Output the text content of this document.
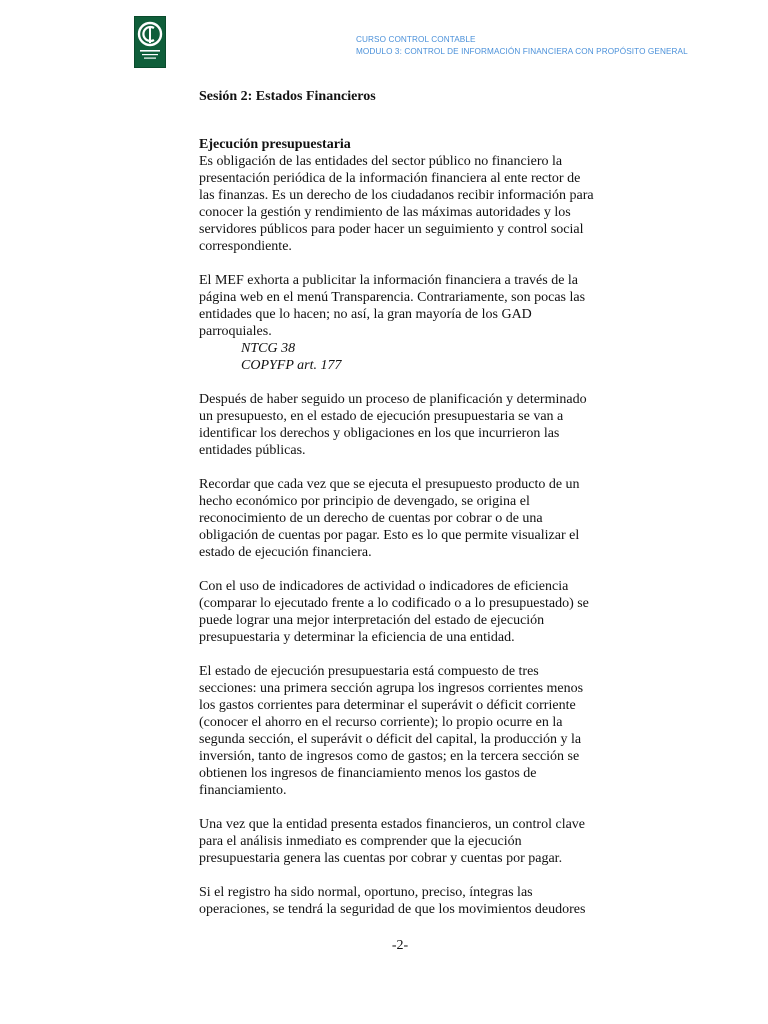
CURSO CONTROL CONTABLE
MODULO 3: CONTROL DE INFORMACIÓN FINANCIERA CON PROPÓSITO GENERAL

Sesión 2: Estados Financieros

Ejecución presupuestaria

Es obligación de las entidades del sector público no financiero la
presentación periódica de la información financiera al ente rector de
las finanzas. Es un derecho de los ciudadanos recibir información para
conocer la gestión y rendimiento de las máximas autoridades y los
servidores públicos para poder hacer un seguimiento y control social
correspondiente.

El MEF exhorta a publicitar la información financiera a través de la
página web en el menú Transparencia. Contrariamente, son pocas las
entidades que lo hacen; no así, la gran mayoría de los GAD
parroquiales.

NTCG 38

COPYFP art. 177

Después de haber seguido un proceso de planificación y determinado
un presupuesto, en el estado de ejecución presupuestaria se van a
identificar los derechos y obligaciones en los que incurrieron las
entidades públicas.

Recordar que cada vez que se ejecuta el presupuesto producto de un
hecho económico por principio de devengado, se origina el
reconocimiento de un derecho de cuentas por cobrar o de una
obligación de cuentas por pagar. Esto es lo que permite visualizar el
estado de ejecución financiera.

Con el uso de indicadores de actividad o indicadores de eficiencia
(comparar lo ejecutado frente a lo codificado o a lo presupuestado) se
puede lograr una mejor interpretación del estado de ejecución
presupuestaria y determinar la eficiencia de una entidad.

El estado de ejecución presupuestaria está compuesto de tres
secciones: una primera sección agrupa los ingresos corrientes menos
los gastos corrientes para determinar el superávit o déficit corriente
(conocer el ahorro en el recurso corriente); lo propio ocurre en la
segunda sección, el superávit o déficit del capital, la producción y la
inversión, tanto de ingresos como de gastos; en la tercera sección se
obtienen los ingresos de financiamiento menos los gastos de
financiamiento.

Una vez que la entidad presenta estados financieros, un control clave
para el análisis inmediato es comprender que la ejecución
presupuestaria genera las cuentas por cobrar y cuentas por pagar.

Si el registro ha sido normal, oportuno, preciso, íntegras las
operaciones, se tendrá la seguridad de que los movimientos deudores

-2-
